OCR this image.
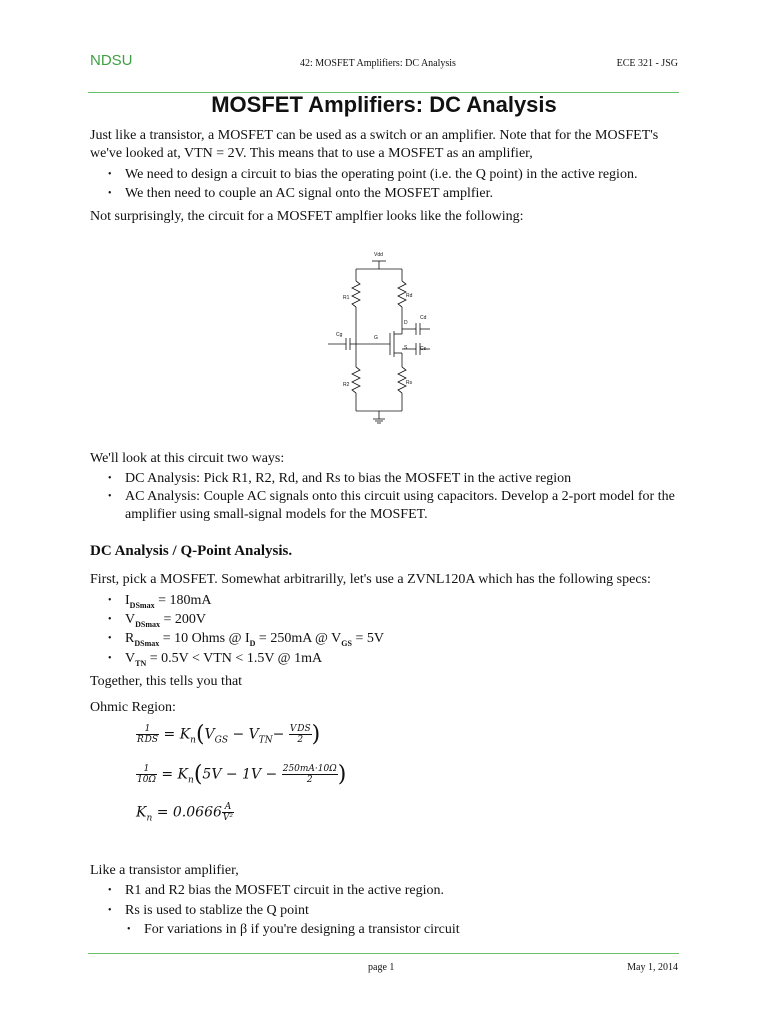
NDSU	42: MOSFET Amplifiers: DC Analysis	ECE 321 - JSG
MOSFET Amplifiers: DC Analysis
Just like a transistor, a MOSFET can be used as a switch or an amplifier. Note that for the MOSFET's
we've looked at, VTN = 2V. This means that to use a MOSFET as an amplifier,
• We need to design a circuit to bias the operating point (i.e. the Q point) in the active region.
• We then need to couple an AC signal onto the MOSFET amplfier.
Not surprisingly, the circuit for a MOSFET amplfier looks like the following:
Vdd
R1	Rd
Cd
D
G
Cg
S	Cs
R2	Rs
We'll look at this circuit two ways:
• DC Analysis: Pick R1, R2, Rd, and Rs to bias the MOSFET in the active region
• AC Analysis: Couple AC signals onto this circuit using capacitors. Develop a 2-port model for the
amplifier using small-signal models for the MOSFET.
DC Analysis / Q-Point Analysis.
First, pick a MOSFET. Somewhat arbitrarilly, let's use a ZVNL120A which has the following specs:
• $I_{DSmax} = 180mA$
• $V_{DSmax} = 200V$
• $R_{DSmax} = 10$ Ohms @ $I_D = 250mA$ @ $V_{GS} = 5V$
• $V_{TN} = 0.5V$ < VTN < 1.5V @ 1mA
Together, this tells you that
Ohmic Region:
$\frac{1}{\text{R DS}} = K_n(V_{GS} - V_{TN}- \frac{\text{V DS}}{2}$ )
$\frac{1}{10\Omega} = K_n(5V - 1V - \frac{250mA\cdot 10\Omega}{2}$ )
$K_n = 0.0666 \frac{A}{\text{V²}}$
Like a transistor amplifier,
• R1 and R2 bias the MOSFET circuit in the active region.
• Rs is used to stablize the Q point
• For variations in β if you're designing a transistor circuit
page 1	May 1, 2014
